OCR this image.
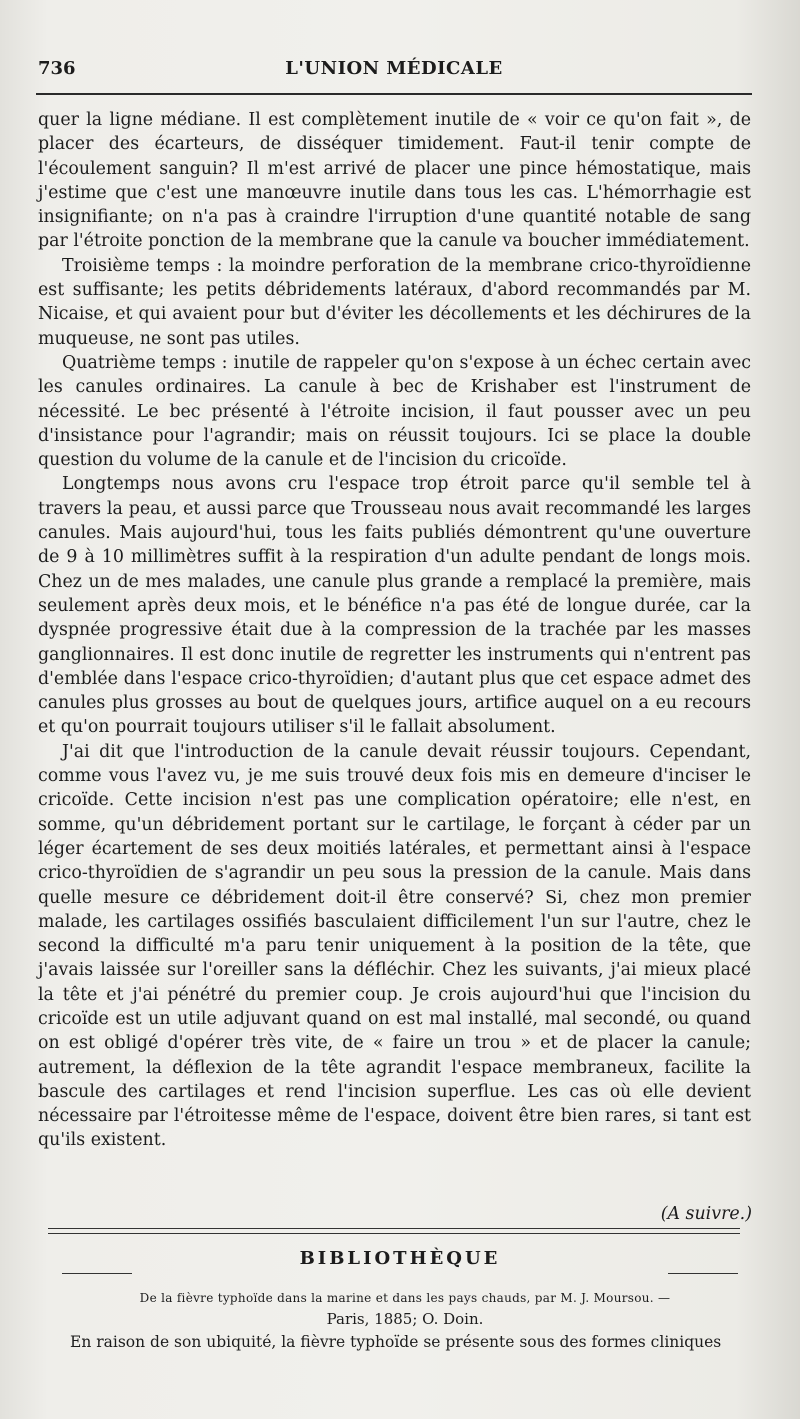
736	L'UNION MÉDICALE

quer la ligne médiane. Il est complètement inutile de « voir ce qu'on fait », de placer des écarteurs, de disséquer timidement. Faut-il tenir compte de l'écoulement sanguin? Il m'est arrivé de placer une pince hémostatique, mais j'estime que c'est une manœuvre inutile dans tous les cas. L'hémorrhagie est insignifiante; on n'a pas à craindre l'irruption d'une quantité notable de sang par l'étroite ponction de la membrane que la canule va boucher immédiatement.

Troisième temps : la moindre perforation de la membrane crico-thyroïdienne est suffisante; les petits débridements latéraux, d'abord recommandés par M. Nicaise, et qui avaient pour but d'éviter les décollements et les déchirures de la muqueuse, ne sont pas utiles.

Quatrième temps : inutile de rappeler qu'on s'expose à un échec certain avec les canules ordinaires. La canule à bec de Krishaber est l'instrument de nécessité. Le bec présenté à l'étroite incision, il faut pousser avec un peu d'insistance pour l'agrandir; mais on réussit toujours. Ici se place la double question du volume de la canule et de l'incision du cricoïde.

Longtemps nous avons cru l'espace trop étroit parce qu'il semble tel à travers la peau, et aussi parce que Trousseau nous avait recommandé les larges canules. Mais aujourd'hui, tous les faits publiés démontrent qu'une ouverture de 9 à 10 millimètres suffit à la respiration d'un adulte pendant de longs mois. Chez un de mes malades, une canule plus grande a remplacé la première, mais seulement après deux mois, et le bénéfice n'a pas été de longue durée, car la dyspnée progressive était due à la compression de la trachée par les masses ganglionnaires. Il est donc inutile de regretter les instruments qui n'entrent pas d'emblée dans l'espace crico-thyroïdien; d'autant plus que cet espace admet des canules plus grosses au bout de quelques jours, artifice auquel on a eu recours et qu'on pourrait toujours utiliser s'il le fallait absolument.

J'ai dit que l'introduction de la canule devait réussir toujours. Cependant, comme vous l'avez vu, je me suis trouvé deux fois mis en demeure d'inciser le cricoïde. Cette incision n'est pas une complication opératoire; elle n'est, en somme, qu'un débridement portant sur le cartilage, le forçant à céder par un léger écartement de ses deux moitiés latérales, et permettant ainsi à l'espace crico-thyroïdien de s'agrandir un peu sous la pression de la canule. Mais dans quelle mesure ce débridement doit-il être conservé? Si, chez mon premier malade, les cartilages ossifiés basculaient difficilement l'un sur l'autre, chez le second la difficulté m'a paru tenir uniquement à la position de la tête, que j'avais laissée sur l'oreiller sans la défléchir. Chez les suivants, j'ai mieux placé la tête et j'ai pénétré du premier coup. Je crois aujourd'hui que l'incision du cricoïde est un utile adjuvant quand on est mal installé, mal secondé, ou quand on est obligé d'opérer très vite, de « faire un trou » et de placer la canule; autrement, la déflexion de la tête agrandit l'espace membraneux, facilite la bascule des cartilages et rend l'incision superflue. Les cas où elle devient nécessaire par l'étroitesse même de l'espace, doivent être bien rares, si tant est qu'ils existent.

(A suivre.)
BIBLIOTHÈQUE
De la fièvre typhoïde dans la marine et dans les pays chauds, par M. J. Moursou. —
Paris, 1885; O. Doin.
En raison de son ubiquité, la fièvre typhoïde se présente sous des formes cliniques
